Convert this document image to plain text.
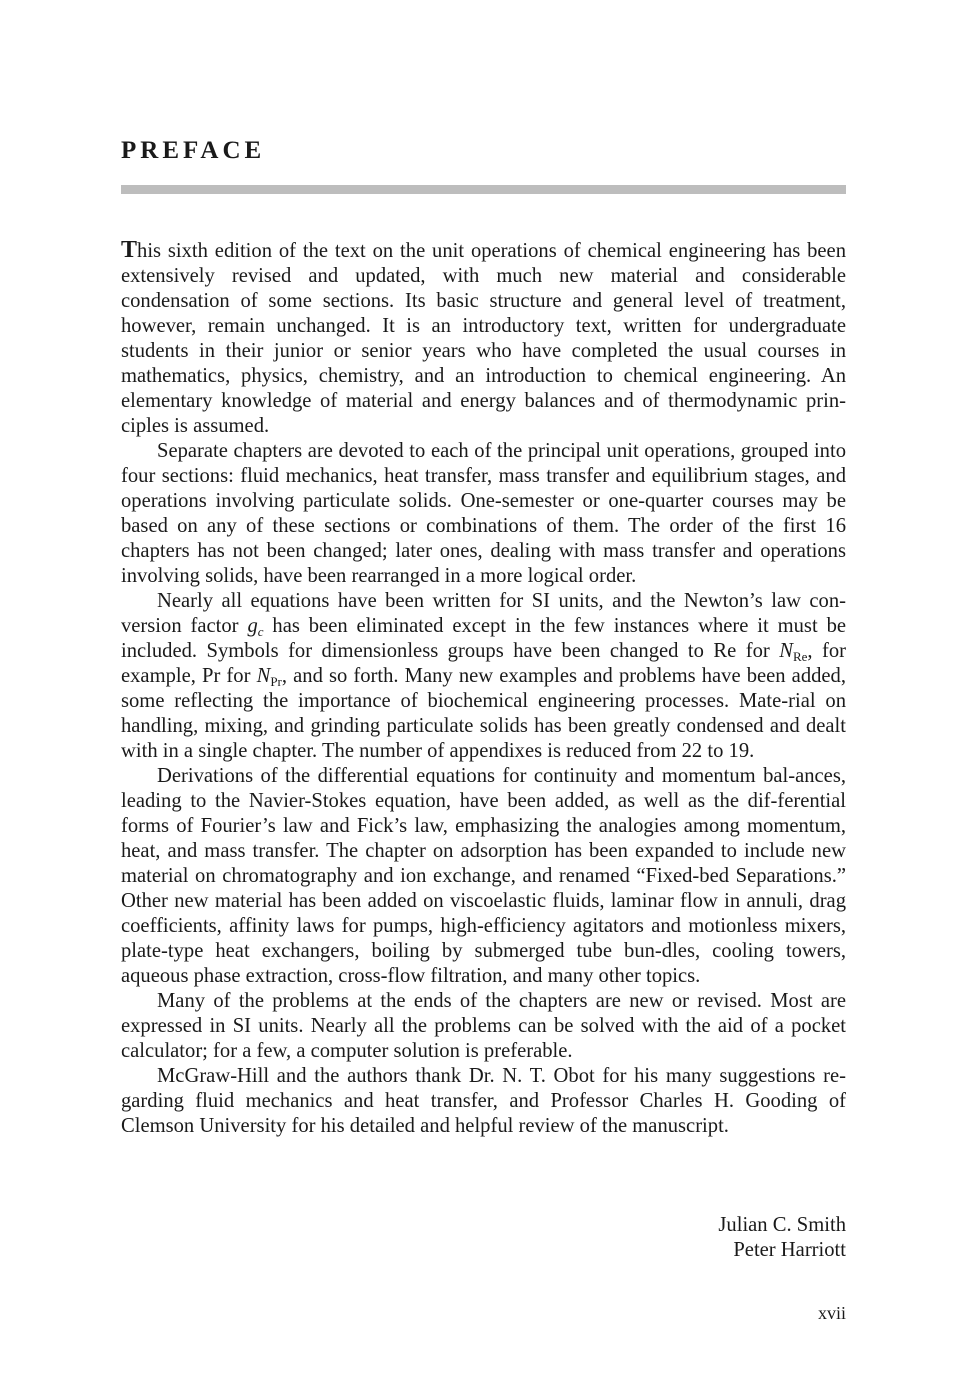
PREFACE

This sixth edition of the text on the unit operations of chemical engineering has been extensively revised and updated, with much new material and considerable condensation of some sections. Its basic structure and general level of treatment, however, remain unchanged. It is an introductory text, written for undergraduate students in their junior or senior years who have completed the usual courses in mathematics, physics, chemistry, and an introduction to chemical engineering. An elementary knowledge of material and energy balances and of thermodynamic prin-ciples is assumed.

Separate chapters are devoted to each of the principal unit operations, grouped into four sections: fluid mechanics, heat transfer, mass transfer and equilibrium stages, and operations involving particulate solids. One-semester or one-quarter courses may be based on any of these sections or combinations of them. The order of the first 16 chapters has not been changed; later ones, dealing with mass transfer and operations involving solids, have been rearranged in a more logical order.

Nearly all equations have been written for SI units, and the Newton’s law con-version factor $g_c$ has been eliminated except in the few instances where it must be included. Symbols for dimensionless groups have been changed to Re for $N_{Re}$, for example, Pr for $N_{Pr}$, and so forth. Many new examples and problems have been added, some reflecting the importance of biochemical engineering processes. Mate-rial on handling, mixing, and grinding particulate solids has been greatly condensed and dealt with in a single chapter. The number of appendixes is reduced from 22 to 19.

Derivations of the differential equations for continuity and momentum bal-ances, leading to the Navier-Stokes equation, have been added, as well as the dif-ferential forms of Fourier’s law and Fick’s law, emphasizing the analogies among momentum, heat, and mass transfer. The chapter on adsorption has been expanded to include new material on chromatography and ion exchange, and renamed “Fixed-bed Separations.” Other new material has been added on viscoelastic fluids, laminar flow in annuli, drag coefficients, affinity laws for pumps, high-efficiency agitators and motionless mixers, plate-type heat exchangers, boiling by submerged tube bun-dles, cooling towers, aqueous phase extraction, cross-flow filtration, and many other topics.

Many of the problems at the ends of the chapters are new or revised. Most are expressed in SI units. Nearly all the problems can be solved with the aid of a pocket calculator; for a few, a computer solution is preferable.

McGraw-Hill and the authors thank Dr. N. T. Obot for his many suggestions re-garding fluid mechanics and heat transfer, and Professor Charles H. Gooding of Clemson University for his detailed and helpful review of the manuscript.

Julian C. Smith
Peter Harriott
xvii
